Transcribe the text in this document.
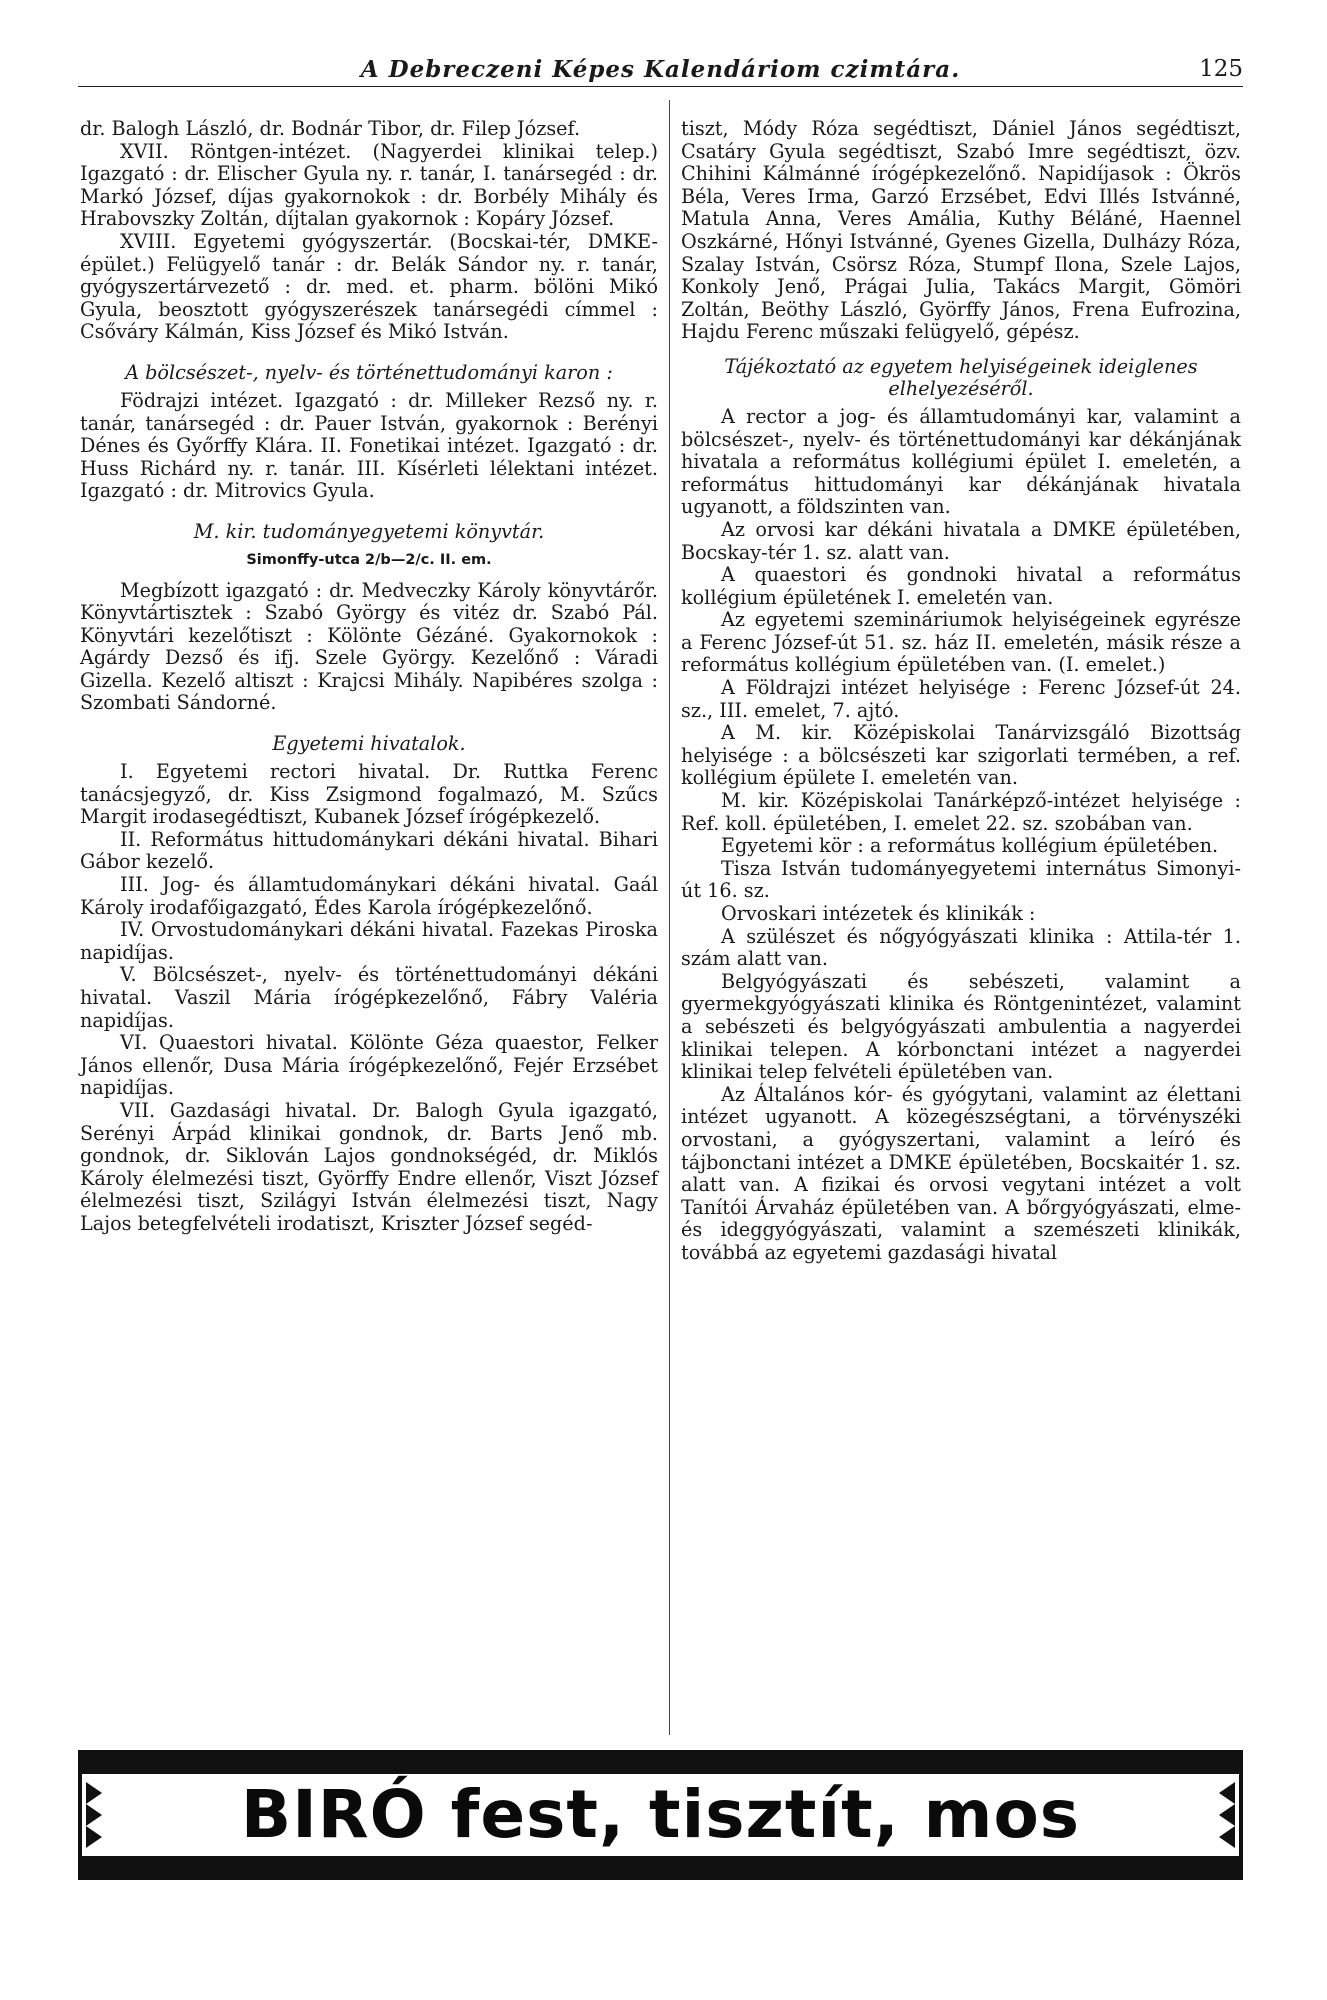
A Debreczeni Képes Kalendáriom czimtára.	125

dr. Balogh László, dr. Bodnár Tibor, dr. Filep József.

XVII. Röntgen-intézet. (Nagyerdei klinikai telep.) Igazgató : dr. Elischer Gyula ny. r. tanár, I. tanársegéd : dr. Markó József, díjas gyakornokok : dr. Borbély Mihály és Hrabovszky Zoltán, díjtalan gyakornok : Kopáry József.

XVIII. Egyetemi gyógyszertár. (Bocskai-tér, DMKE-épület.) Felügyelő tanár : dr. Belák Sándor ny. r. tanár, gyógyszertárvezető : dr. med. et. pharm. bölöni Mikó Gyula, beosztott gyógyszerészek tanársegédi címmel : Csőváry Kálmán, Kiss József és Mikó István.

A bölcsészet-, nyelv- és történettudományi karon :

Födrajzi intézet. Igazgató : dr. Milleker Rezső ny. r. tanár, tanársegéd : dr. Pauer István, gyakornok : Berényi Dénes és Győrffy Klára. II. Fonetikai intézet. Igazgató : dr. Huss Richárd ny. r. tanár. III. Kísérleti lélektani intézet. Igazgató : dr. Mitrovics Gyula.

M. kir. tudományegyetemi könyvtár.
Simonffy-utca 2/b—2/c. II. em.

Megbízott igazgató : dr. Medveczky Károly könyvtárőr. Könyvtártisztek : Szabó György és vitéz dr. Szabó Pál. Könyvtári kezelőtiszt : Kölönte Gézáné. Gyakornokok : Agárdy Dezső és ifj. Szele György. Kezelőnő : Váradi Gizella. Kezelő altiszt : Krajcsi Mihály. Napibéres szolga : Szombati Sándorné.

Egyetemi hivatalok.

I. Egyetemi rectori hivatal. Dr. Ruttka Ferenc tanácsjegyző, dr. Kiss Zsigmond fogalmazó, M. Szűcs Margit irodasegédtiszt, Kubanek József írógépkezelő.

II. Református hittudománykari dékáni hivatal. Bihari Gábor kezelő.

III. Jog- és államtudománykari dékáni hivatal. Gaál Károly irodafőigazgató, Édes Karola írógépkezelőnő.

IV. Orvostudománykari dékáni hivatal. Fazekas Piroska napidíjas.

V. Bölcsészet-, nyelv- és történettudományi dékáni hivatal. Vaszil Mária írógépkezelőnő, Fábry Valéria napidíjas.

VI. Quaestori hivatal. Kölönte Géza quaestor, Felker János ellenőr, Dusa Mária írógépkezelőnő, Fejér Erzsébet napidíjas.

VII. Gazdasági hivatal. Dr. Balogh Gyula igazgató, Serényi Árpád klinikai gondnok, dr. Barts Jenő mb. gondnok, dr. Siklován Lajos gondnokségéd, dr. Miklós Károly élelmezési tiszt, Györffy Endre ellenőr, Viszt József élelmezési tiszt, Szilágyi István élelmezési tiszt, Nagy Lajos betegfelvételi irodatiszt, Kriszter József segéd-

tiszt, Módy Róza segédtiszt, Dániel János segédtiszt, Csatáry Gyula segédtiszt, Szabó Imre segédtiszt, özv. Chihini Kálmánné írógépkezelőnő. Napidíjasok : Ökrös Béla, Veres Irma, Garzó Erzsébet, Edvi Illés Istvánné, Matula Anna, Veres Amália, Kuthy Béláné, Haennel Oszkárné, Hőnyi Istvánné, Gyenes Gizella, Dulházy Róza, Szalay István, Csörsz Róza, Stumpf Ilona, Szele Lajos, Konkoly Jenő, Prágai Julia, Takács Margit, Gömöri Zoltán, Beöthy László, Györffy János, Frena Eufrozina, Hajdu Ferenc műszaki felügyelő, gépész.

Tájékoztató az egyetem helyiségeinek ideiglenes elhelyezéséről.

A rector a jog- és államtudományi kar, valamint a bölcsészet-, nyelv- és történettudományi kar dékánjának hivatala a református kollégiumi épület I. emeletén, a református hittudományi kar dékánjának hivatala ugyanott, a földszinten van.

Az orvosi kar dékáni hivatala a DMKE épületében, Bocskay-tér 1. sz. alatt van.

A quaestori és gondnoki hivatal a református kollégium épületének I. emeletén van.

Az egyetemi szemináriumok helyiségeinek egyrésze a Ferenc József-út 51. sz. ház II. emeletén, másik része a református kollégium épületében van. (I. emelet.)

A Földrajzi intézet helyisége : Ferenc József-út 24. sz., III. emelet, 7. ajtó.

A M. kir. Középiskolai Tanárvizsgáló Bizottság helyisége : a bölcsészeti kar szigorlati termében, a ref. kollégium épülete I. emeletén van.

M. kir. Középiskolai Tanárképző-intézet helyisége : Ref. koll. épületében, I. emelet 22. sz. szobában van.

Egyetemi kör : a református kollégium épületében.

Tisza István tudományegyetemi internátus Simonyi-út 16. sz.

Orvoskari intézetek és klinikák :

A szülészet és nőgyógyászati klinika : Attila-tér 1. szám alatt van.

Belgyógyászati és sebészeti, valamint a gyermekgyógyászati klinika és Röntgenintézet, valamint a sebészeti és belgyógyászati ambulentia a nagyerdei klinikai telepen. A kórbonctani intézet a nagyerdei klinikai telep felvételi épületében van.

Az Általános kór- és gyógytani, valamint az élettani intézet ugyanott. A közegészségtani, a törvényszéki orvostani, a gyógyszertani, valamint a leíró és tájbonctani intézet a DMKE épületében, Bocskaitér 1. sz. alatt van. A fizikai és orvosi vegytani intézet a volt Tanítói Árvaház épületében van. A bőrgyógyászati, elme- és ideggyógyászati, valamint a szemészeti klinikák, továbbá az egyetemi gazdasági hivatal

BIRÓ fest, tisztít, mos
